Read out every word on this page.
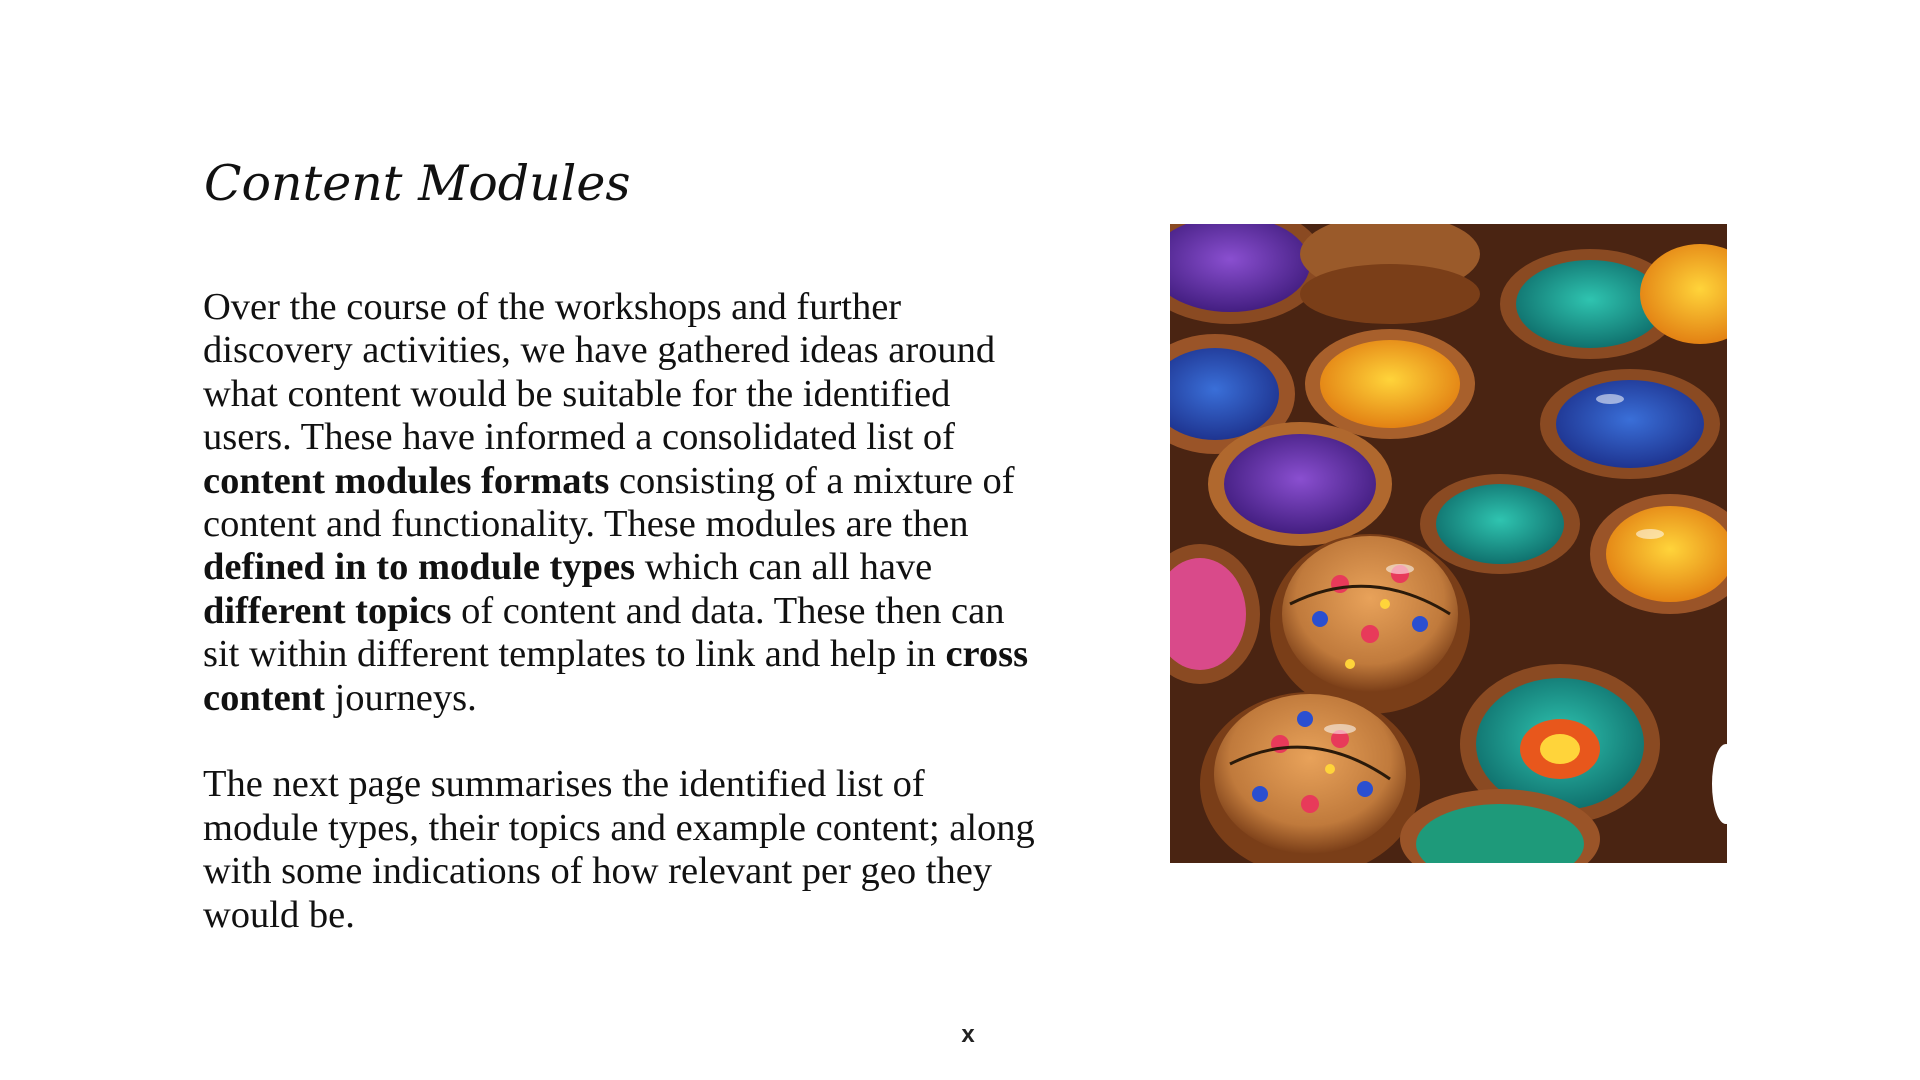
Content Modules

Over the course of the workshops and further discovery activities, we have gathered ideas around what content would be suitable for the identified users. These have informed a consolidated list of content modules formats consisting of a mixture of content and functionality. These modules are then defined in to module types which can all have different topics of content and data. These then can sit within different templates to link and help in cross content journeys.

The next page summarises the identified list of module types, their topics and example content; along with some indications of how relevant per geo they would be.

x
